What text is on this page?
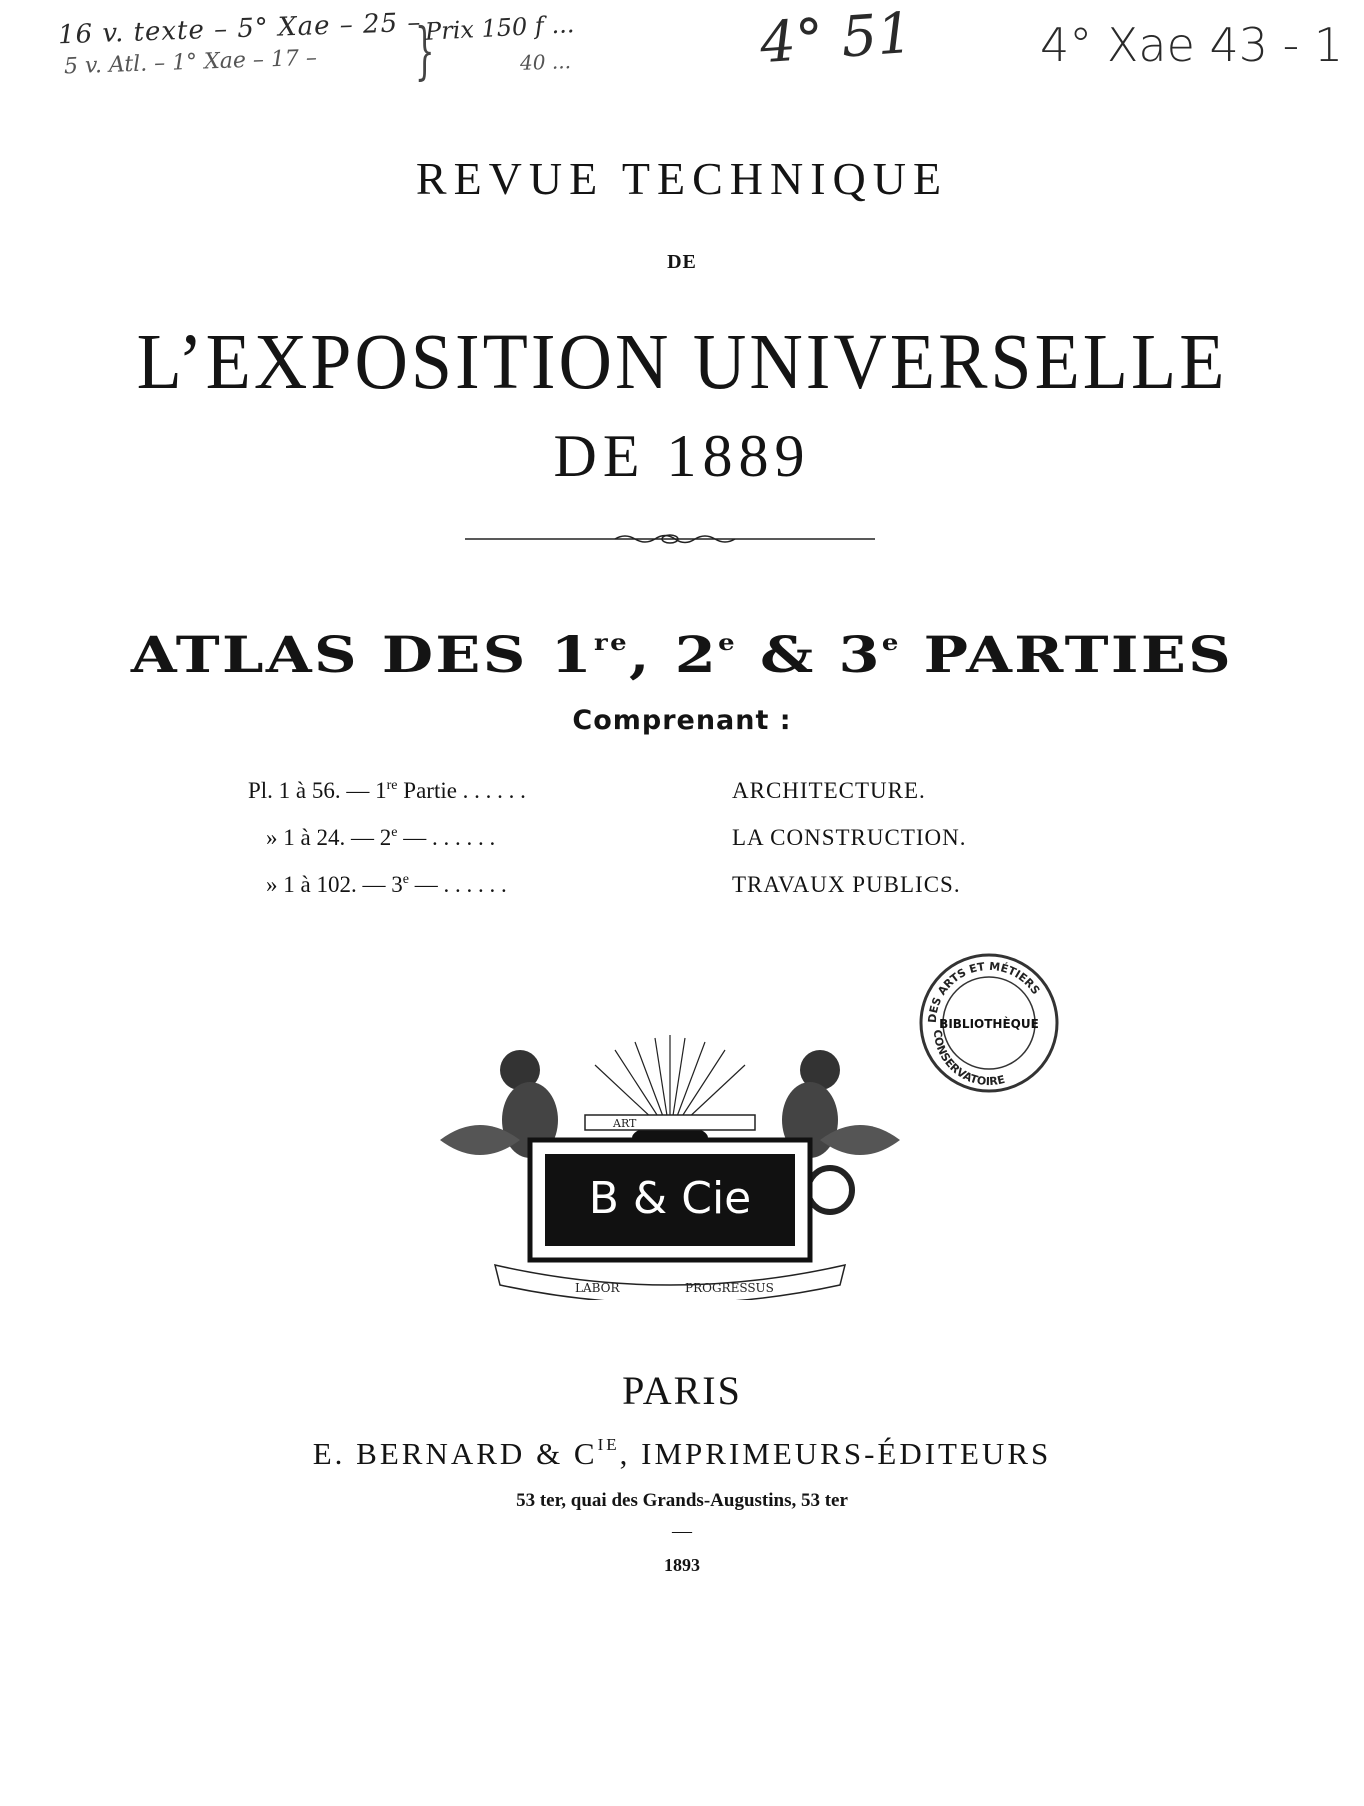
16 v. texte – 5° Xae – 25 –
5 v. Atl. – 1° Xae – 17 – }
Prix 150 f ...
40 ...	4° 51	4° Xae 43 - 1
REVUE TECHNIQUE
DE
L’EXPOSITION UNIVERSELLE
DE 1889
ATLAS DES 1re, 2e & 3e PARTIES
Comprenant :
Pl. 1 à 56. — 1re Partie . . . . . .	ARCHITECTURE.
» 1 à 24. — 2e — . . . . . .	LA CONSTRUCTION.
» 1 à 102. — 3e — . . . . . .	TRAVAUX PUBLICS.
DES ARTS ET MÉTIERS
CONSERVATOIRE
BIBLIOTHÈQUE
ART
B & Cie
LABOR	PROGRESSUS
PARIS
E. BERNARD & $C^{IE}$, IMPRIMEURS-ÉDITEURS
53 ter, quai des Grands-Augustins, 53 ter
—
1893
